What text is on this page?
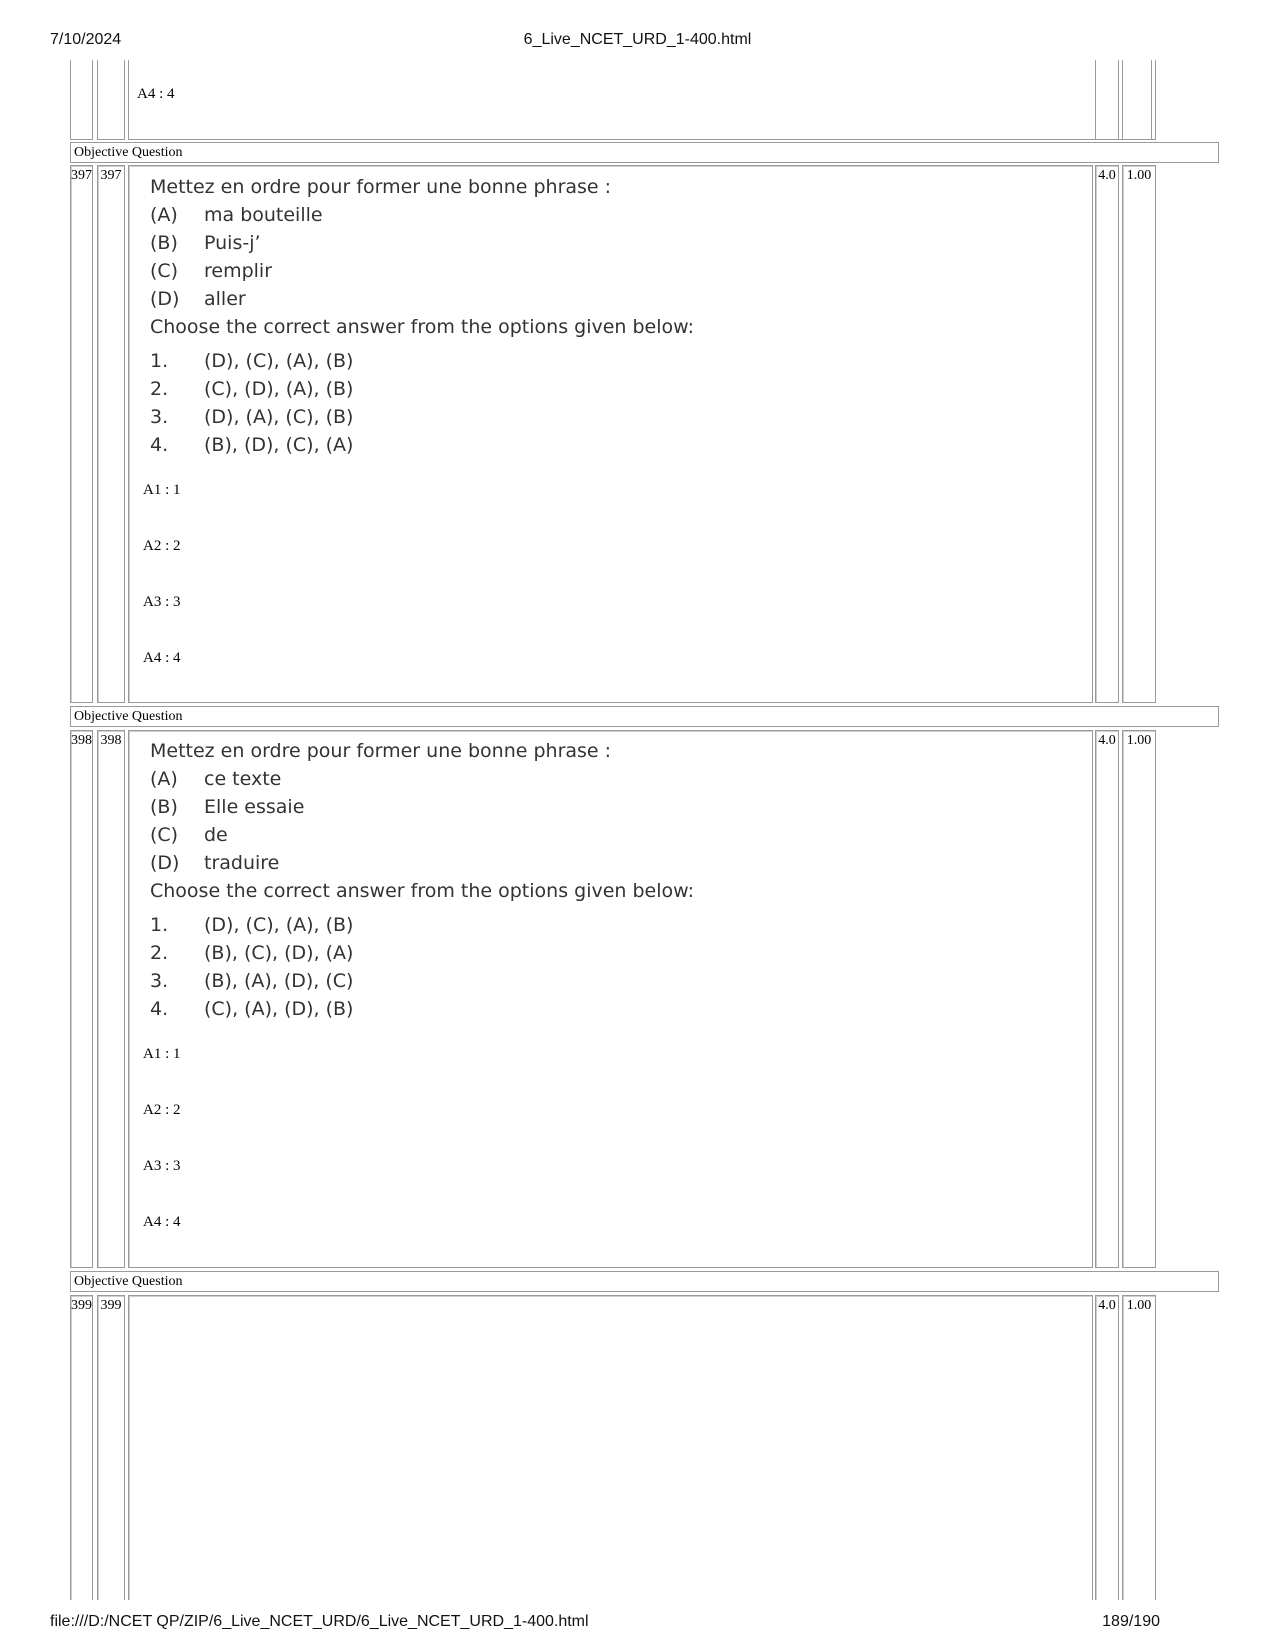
7/10/2024	6_Live_NCET_URD_1-400.html
A4 : 4
Objective Question
397 397	4.0 1.00
Mettez en ordre pour former une bonne phrase :
(A) ma bouteille
(B) Puis-j’
(C) remplir
(D) aller
Choose the correct answer from the options given below:
1. (D), (C), (A), (B)
2. (C), (D), (A), (B)
3. (D), (A), (C), (B)
4. (B), (D), (C), (A)
A1 : 1
A2 : 2
A3 : 3
A4 : 4
Objective Question
398 398	4.0 1.00
Mettez en ordre pour former une bonne phrase :
(A) ce texte
(B) Elle essaie
(C) de
(D) traduire
Choose the correct answer from the options given below:
1. (D), (C), (A), (B)
2. (B), (C), (D), (A)
3. (B), (A), (D), (C)
4. (C), (A), (D), (B)
A1 : 1
A2 : 2
A3 : 3
A4 : 4
Objective Question
399 399	4.0 1.00
file:///D:/NCET QP/ZIP/6_Live_NCET_URD/6_Live_NCET_URD_1-400.html	189/190
